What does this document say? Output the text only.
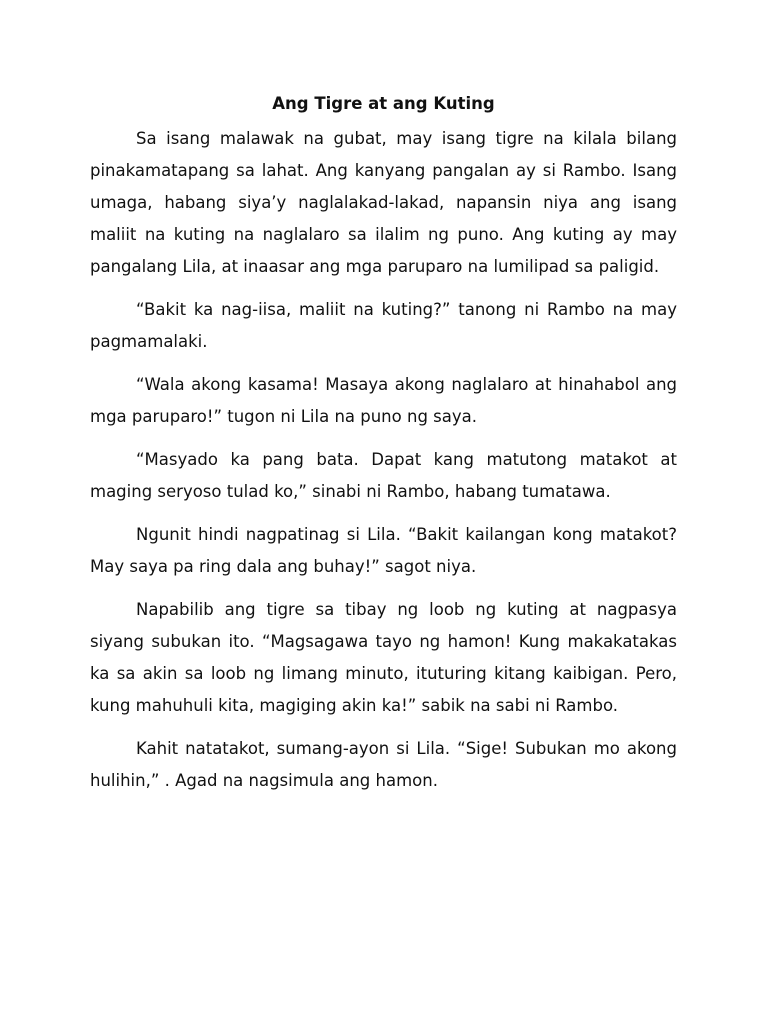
Ang Tigre at ang Kuting

Sa isang malawak na gubat, may isang tigre na kilala bilang pinakamatapang sa lahat. Ang kanyang pangalan ay si Rambo. Isang umaga, habang siya’y naglalakad-lakad, napansin niya ang isang maliit na kuting na naglalaro sa ilalim ng puno. Ang kuting ay may pangalang Lila, at inaasar ang mga paruparo na lumilipad sa paligid.

“Bakit ka nag-iisa, maliit na kuting?” tanong ni Rambo na may pagmamalaki.

“Wala akong kasama! Masaya akong naglalaro at hinahabol ang mga paruparo!” tugon ni Lila na puno ng saya.

“Masyado ka pang bata. Dapat kang matutong matakot at maging seryoso tulad ko,” sinabi ni Rambo, habang tumatawa.

Ngunit hindi nagpatinag si Lila. “Bakit kailangan kong matakot? May saya pa ring dala ang buhay!” sagot niya.

Napabilib ang tigre sa tibay ng loob ng kuting at nagpasya siyang subukan ito. “Magsagawa tayo ng hamon! Kung makakatakas ka sa akin sa loob ng limang minuto, ituturing kitang kaibigan. Pero, kung mahuhuli kita, magiging akin ka!” sabik na sabi ni Rambo.

Kahit natatakot, sumang-ayon si Lila. “Sige! Subukan mo akong hulihin,” . Agad na nagsimula ang hamon.
